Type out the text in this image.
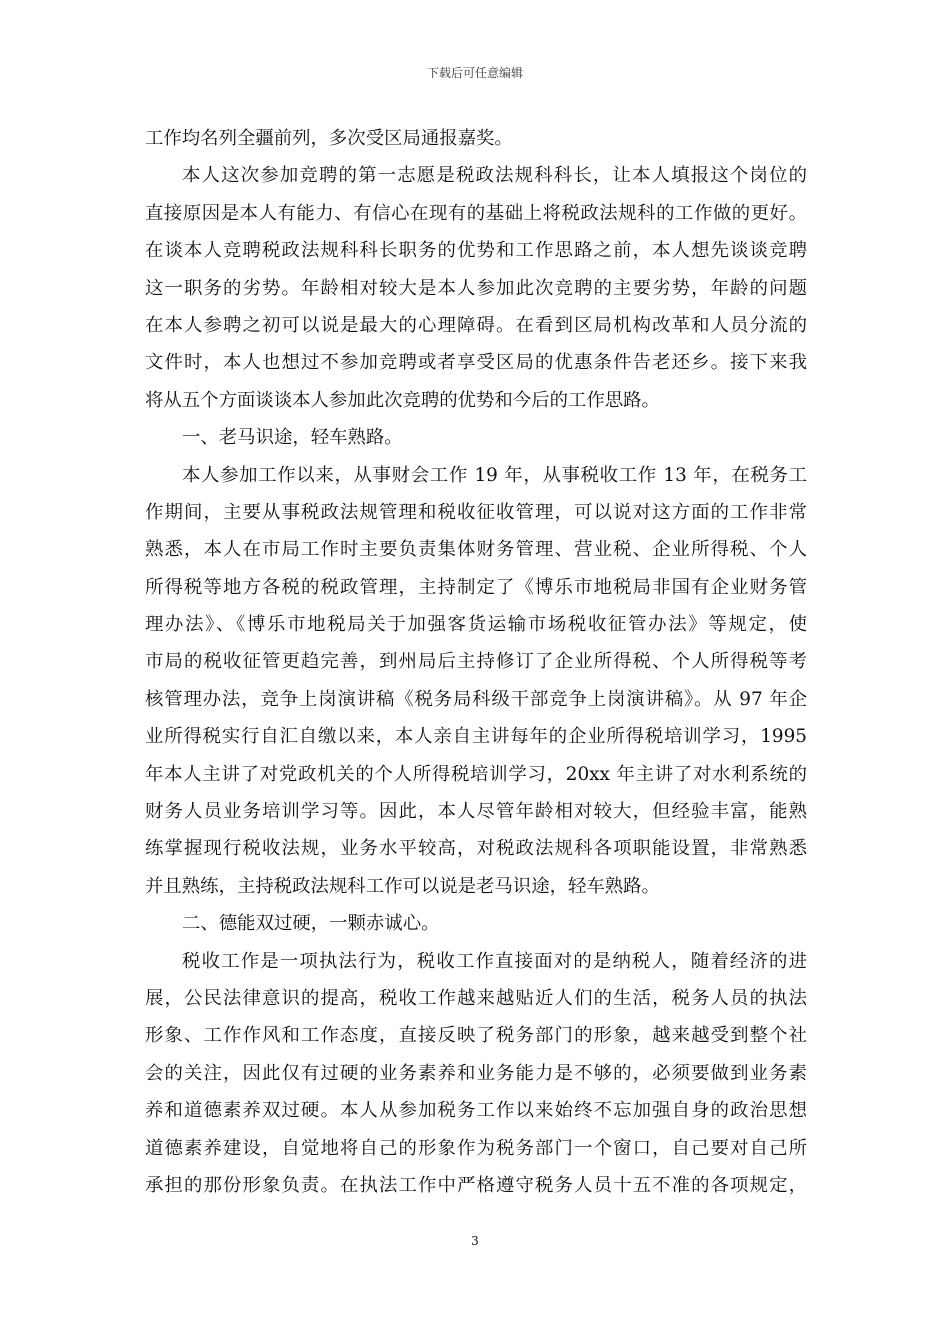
下载后可任意编辑
工作均名列全疆前列，多次受区局通报嘉奖。
本人这次参加竞聘的第一志愿是税政法规科科长，让本人填报这个岗位的
直接原因是本人有能力、有信心在现有的基础上将税政法规科的工作做的更好。
在谈本人竞聘税政法规科科长职务的优势和工作思路之前，本人想先谈谈竞聘
这一职务的劣势。年龄相对较大是本人参加此次竞聘的主要劣势，年龄的问题
在本人参聘之初可以说是最大的心理障碍。在看到区局机构改革和人员分流的
文件时，本人也想过不参加竞聘或者享受区局的优惠条件告老还乡。接下来我
将从五个方面谈谈本人参加此次竞聘的优势和今后的工作思路。
一、老马识途，轻车熟路。
本人参加工作以来，从事财会工作 19 年，从事税收工作 13 年，在税务工
作期间，主要从事税政法规管理和税收征收管理，可以说对这方面的工作非常
熟悉，本人在市局工作时主要负责集体财务管理、营业税、企业所得税、个人
所得税等地方各税的税政管理，主持制定了《博乐市地税局非国有企业财务管
理办法》、《博乐市地税局关于加强客货运输市场税收征管办法》等规定，使
市局的税收征管更趋完善，到州局后主持修订了企业所得税、个人所得税等考
核管理办法，竞争上岗演讲稿《税务局科级干部竞争上岗演讲稿》。从 97 年企
业所得税实行自汇自缴以来，本人亲自主讲每年的企业所得税培训学习，1995
年本人主讲了对党政机关的个人所得税培训学习，20xx 年主讲了对水利系统的
财务人员业务培训学习等。因此，本人尽管年龄相对较大，但经验丰富，能熟
练掌握现行税收法规，业务水平较高，对税政法规科各项职能设置，非常熟悉
并且熟练，主持税政法规科工作可以说是老马识途，轻车熟路。
二、德能双过硬，一颗赤诚心。
税收工作是一项执法行为，税收工作直接面对的是纳税人，随着经济的进
展，公民法律意识的提高，税收工作越来越贴近人们的生活，税务人员的执法
形象、工作作风和工作态度，直接反映了税务部门的形象，越来越受到整个社
会的关注，因此仅有过硬的业务素养和业务能力是不够的，必须要做到业务素
养和道德素养双过硬。本人从参加税务工作以来始终不忘加强自身的政治思想
道德素养建设，自觉地将自己的形象作为税务部门一个窗口，自己要对自己所
承担的那份形象负责。在执法工作中严格遵守税务人员十五不准的各项规定，
3
